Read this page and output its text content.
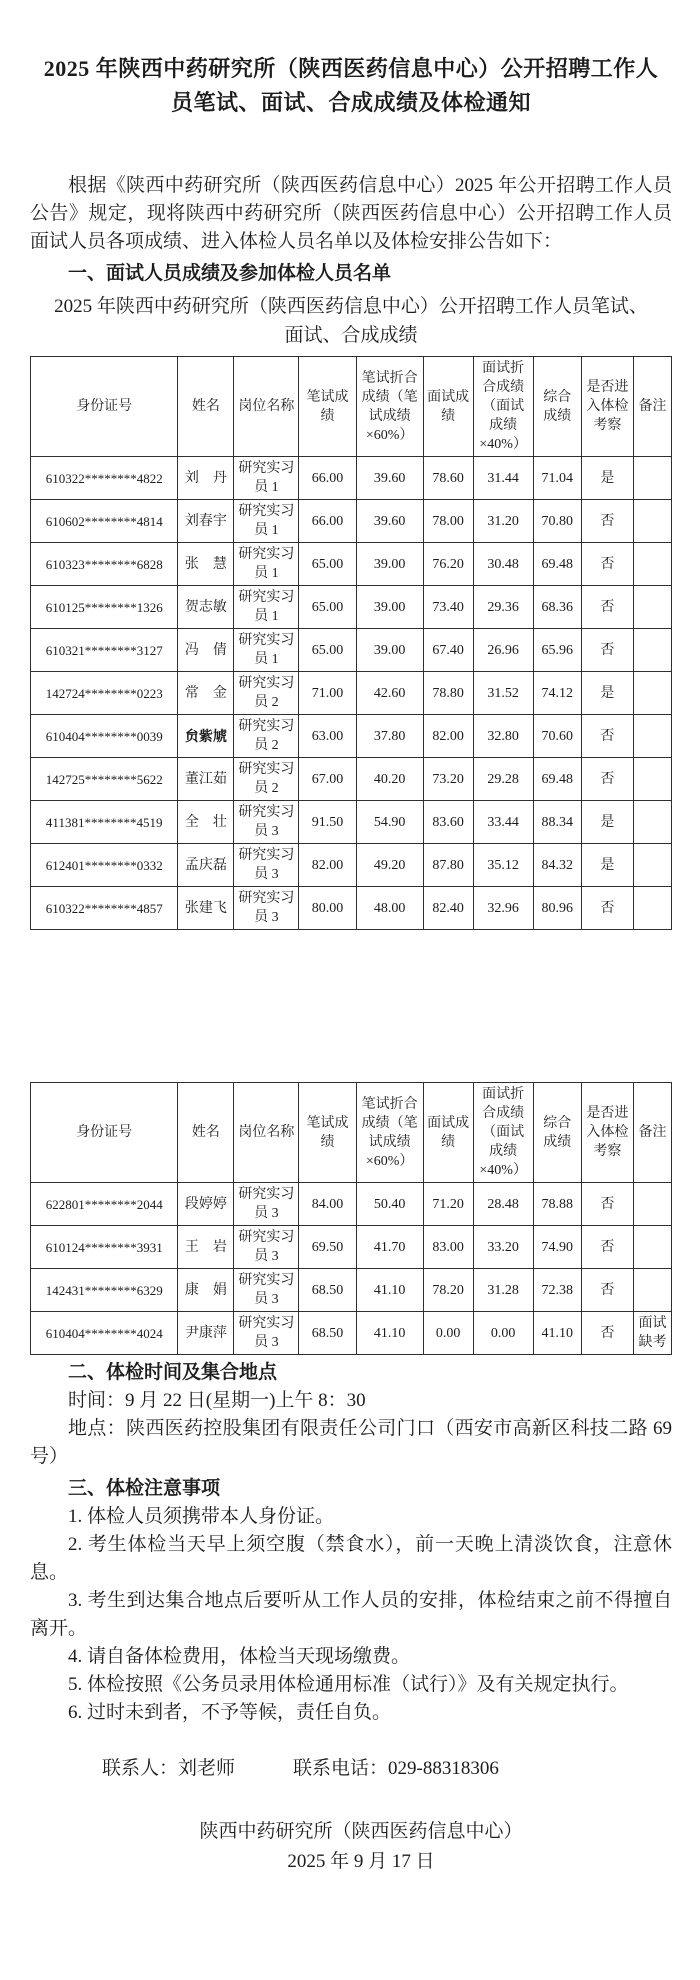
2025 年陕西中药研究所（陕西医药信息中心）公开招聘工作人员笔试、面试、合成成绩及体检通知

根据《陕西中药研究所（陕西医药信息中心）2025 年公开招聘工作人员公告》规定，现将陕西中药研究所（陕西医药信息中心）公开招聘工作人员面试人员各项成绩、进入体检人员名单以及体检安排公告如下：

一、面试人员成绩及参加体检人员名单

2025 年陕西中药研究所（陕西医药信息中心）公开招聘工作人员笔试、面试、合成成绩

身份证号	姓名	岗位名称	笔试成绩	笔试折合成绩（笔试成绩×60%）	面试成绩	面试折合成绩（面试成绩×40%）	综合成绩	是否进入体检考察	备注
610322********4822	刘　丹	研究实习员 1	66.00	39.60	78.60	31.44	71.04	是	
610602********4814	刘春宇	研究实习员 1	66.00	39.60	78.00	31.20	70.80	否	
610323********6828	张　慧	研究实习员 1	65.00	39.00	76.20	30.48	69.48	否	
610125********1326	贺志敏	研究实习员 1	65.00	39.00	73.40	29.36	68.36	否	
610321********3127	冯　倩	研究实习员 1	65.00	39.00	67.40	26.96	65.96	否	
142724********0223	常　金	研究实习员 2	71.00	42.60	78.80	31.52	74.12	是	
610404********0039	贠紫虓	研究实习员 2	63.00	37.80	82.00	32.80	70.60	否	
142725********5622	董江茹	研究实习员 2	67.00	40.20	73.20	29.28	69.48	否	
411381********4519	全　壮	研究实习员 3	91.50	54.90	83.60	33.44	88.34	是	
612401********0332	孟庆磊	研究实习员 3	82.00	49.20	87.80	35.12	84.32	是	
610322********4857	张建飞	研究实习员 3	80.00	48.00	82.40	32.96	80.96	否	
身份证号	姓名	岗位名称	笔试成绩	笔试折合成绩（笔试成绩×60%）	面试成绩	面试折合成绩（面试成绩×40%）	综合成绩	是否进入体检考察	备注
622801********2044	段婷婷	研究实习员 3	84.00	50.40	71.20	28.48	78.88	否	
610124********3931	王　岩	研究实习员 3	69.50	41.70	83.00	33.20	74.90	否	
142431********6329	康　娟	研究实习员 3	68.50	41.10	78.20	31.28	72.38	否	
610404********4024	尹康萍	研究实习员 3	68.50	41.10	0.00	0.00	41.10	否	面试缺考

二、体检时间及集合地点

时间：9 月 22 日(星期一)上午 8：30

地点：陕西医药控股集团有限责任公司门口（西安市高新区科技二路 69 号）

三、体检注意事项

1. 体检人员须携带本人身份证。

2. 考生体检当天早上须空腹（禁食水），前一天晚上清淡饮食，注意休息。

3. 考生到达集合地点后要听从工作人员的安排，体检结束之前不得擅自离开。

4. 请自备体检费用，体检当天现场缴费。

5. 体检按照《公务员录用体检通用标准（试行）》及有关规定执行。

6. 过时未到者，不予等候，责任自负。

联系人：刘老师	联系电话：029-88318306

陕西中药研究所（陕西医药信息中心）
2025 年 9 月 17 日
